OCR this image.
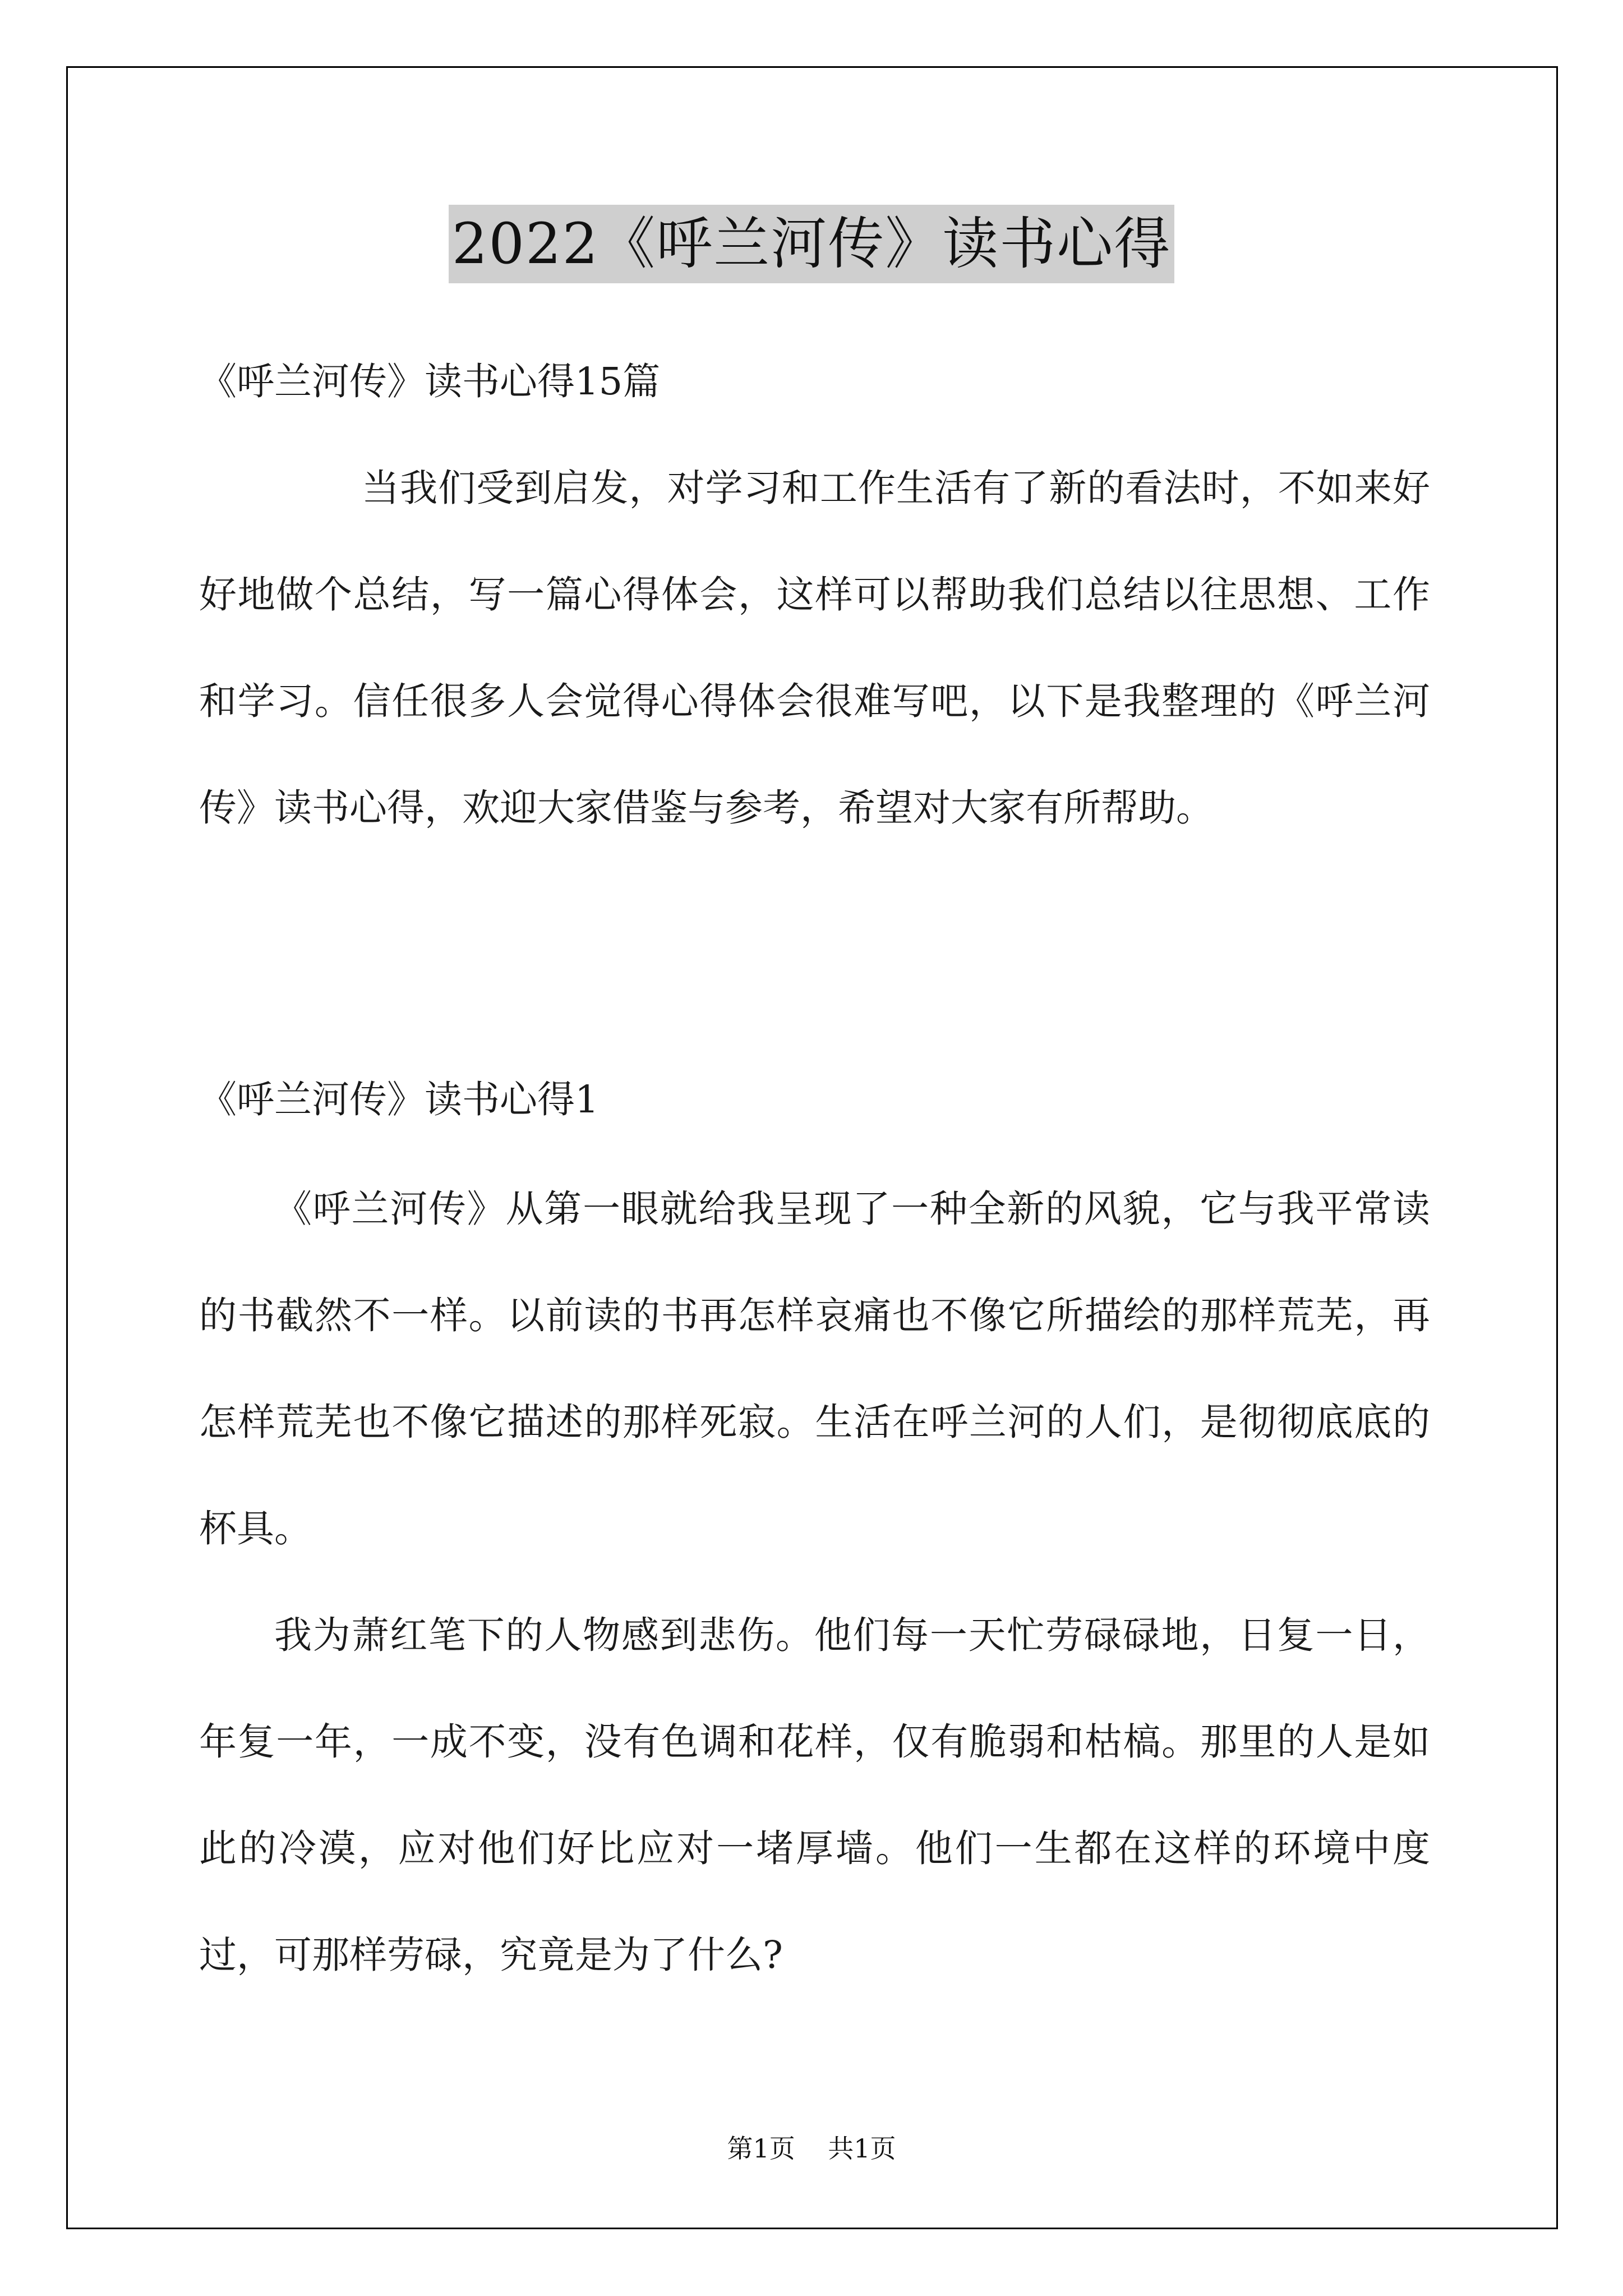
2022《呼兰河传》读书心得

《呼兰河传》读书心得15篇

当我们受到启发，对学习和工作生活有了新的看法时，不如来好好地做个总结，写一篇心得体会，这样可以帮助我们总结以往思想、工作和学习。信任很多人会觉得心得体会很难写吧，以下是我整理的《呼兰河传》读书心得，欢迎大家借鉴与参考，希望对大家有所帮助。

《呼兰河传》读书心得1

《呼兰河传》从第一眼就给我呈现了一种全新的风貌，它与我平常读的书截然不一样。以前读的书再怎样哀痛也不像它所描绘的那样荒芜，再怎样荒芜也不像它描述的那样死寂。生活在呼兰河的人们，是彻彻底底的杯具。

我为萧红笔下的人物感到悲伤。他们每一天忙劳碌碌地，日复一日，年复一年，一成不变，没有色调和花样，仅有脆弱和枯槁。那里的人是如此的冷漠，应对他们好比应对一堵厚墙。他们一生都在这样的环境中度过，可那样劳碌，究竟是为了什么?

第1页 共1页
